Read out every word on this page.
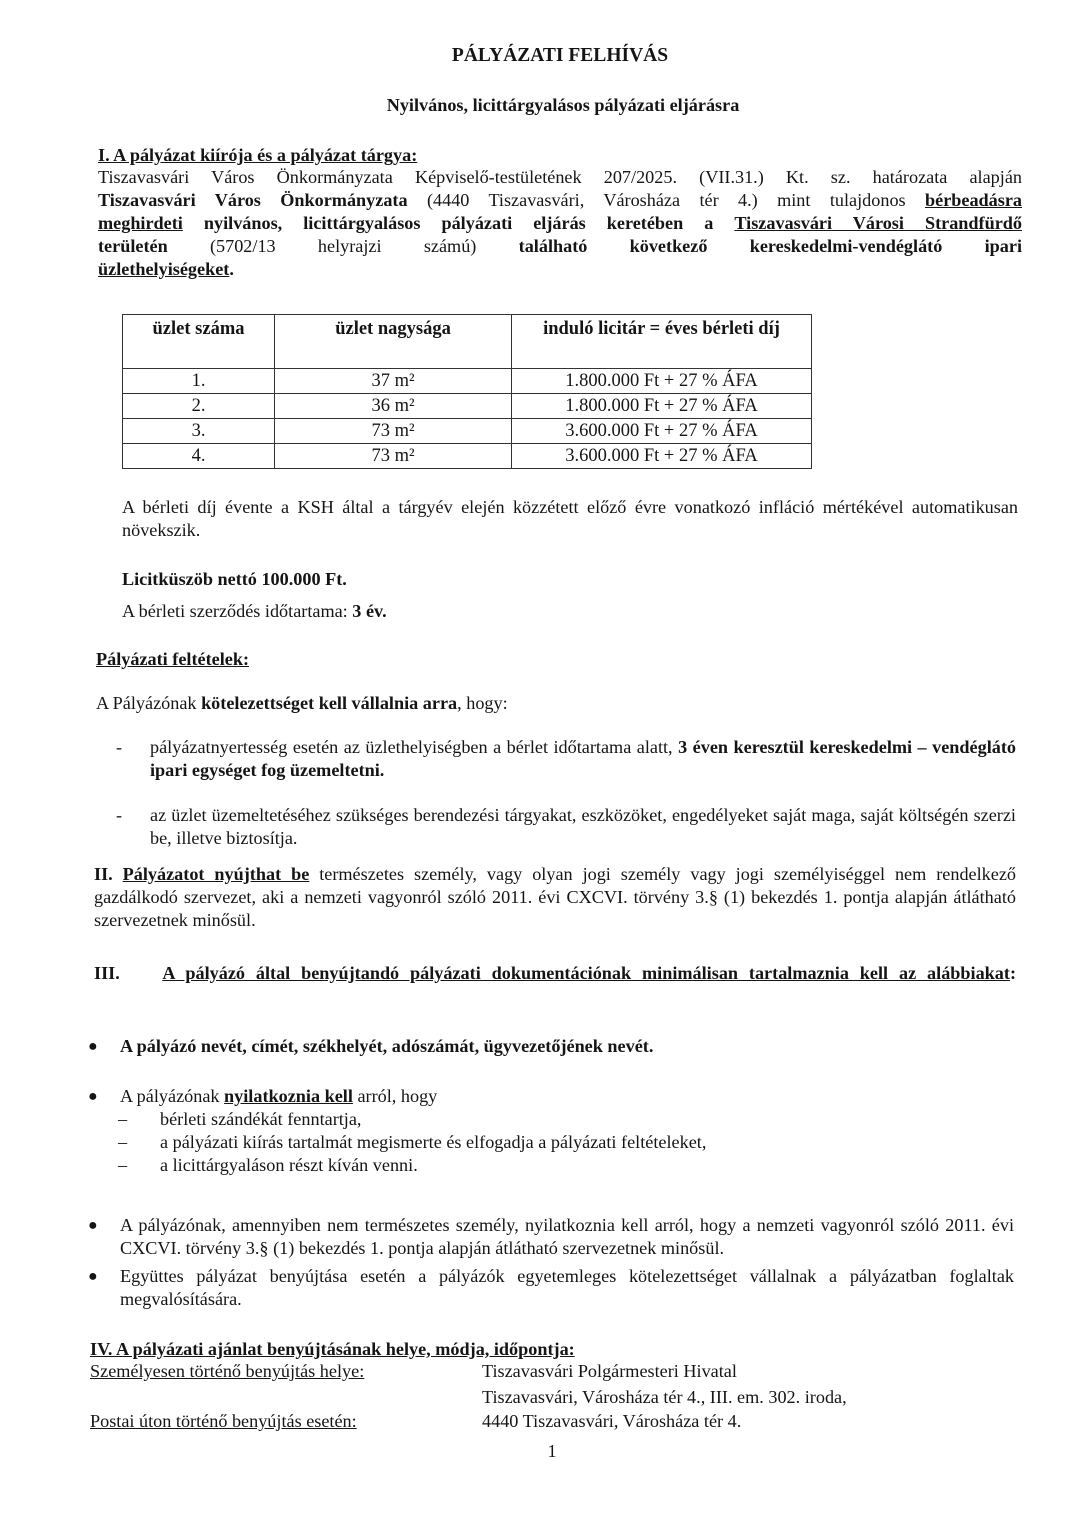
PÁLYÁZATI FELHÍVÁS
Nyilvános, licittárgyalásos pályázati eljárásra
I. A pályázat kiírója és a pályázat tárgya:

Tiszavasvári Város Önkormányzata Képviselő-testületének 207/2025. (VII.31.) Kt. sz. határozata alapján

Tiszavasvári Város Önkormányzata (4440 Tiszavasvári, Városháza tér 4.) mint tulajdonos bérbeadásra

meghirdeti nyilvános, licittárgyalásos pályázati eljárás keretében a Tiszavasvári Városi Strandfürdő

területén (5702/13 helyrajzi számú) található következő kereskedelmi-vendéglátó ipari

üzlethelyiségeket.

üzlet száma	üzlet nagysága	induló licitár = éves bérleti díj
1.	37 m²	1.800.000 Ft + 27 % ÁFA
2.	36 m²	1.800.000 Ft + 27 % ÁFA
3.	73 m²	3.600.000 Ft + 27 % ÁFA
4.	73 m²	3.600.000 Ft + 27 % ÁFA

A bérleti díj évente a KSH által a tárgyév elején közzétett előző évre vonatkozó infláció mértékével automatikusan növekszik.

Licitküszöb nettó 100.000 Ft.

A bérleti szerződés időtartama: 3 év.

Pályázati feltételek:

A Pályázónak kötelezettséget kell vállalnia arra, hogy:

- pályázatnyertesség esetén az üzlethelyiségben a bérlet időtartama alatt, 3 éven keresztül kereskedelmi – vendéglátó ipari egységet fog üzemeltetni.
- az üzlet üzemeltetéséhez szükséges berendezési tárgyakat, eszközöket, engedélyeket saját maga, saját költségén szerzi be, illetve biztosítja.

II. Pályázatot nyújthat be természetes személy, vagy olyan jogi személy vagy jogi személyiséggel nem rendelkező gazdálkodó szervezet, aki a nemzeti vagyonról szóló 2011. évi CXCVI. törvény 3.§ (1) bekezdés 1. pontja alapján átlátható szervezetnek minősül.

III. A pályázó által benyújtandó pályázati dokumentációnak minimálisan tartalmaznia kell az alábbiakat:

● A pályázó nevét, címét, székhelyét, adószámát, ügyvezetőjének nevét.
● A pályázónak nyilatkoznia kell arról, hogy
– bérleti szándékát fenntartja,
– a pályázati kiírás tartalmát megismerte és elfogadja a pályázati feltételeket,
– a licittárgyaláson részt kíván venni.
● A pályázónak, amennyiben nem természetes személy, nyilatkoznia kell arról, hogy a nemzeti vagyonról szóló 2011. évi CXCVI. törvény 3.§ (1) bekezdés 1. pontja alapján átlátható szervezetnek minősül.
● Együttes pályázat benyújtása esetén a pályázók egyetemleges kötelezettséget vállalnak a pályázatban foglaltak megvalósítására.

IV. A pályázati ajánlat benyújtásának helye, módja, időpontja:

Személyesen történő benyújtás helye:	Tiszavasvári Polgármesteri Hivatal

Tiszavasvári, Városháza tér 4., III. em. 302. iroda,

Postai úton történő benyújtás esetén:	4440 Tiszavasvári, Városháza tér 4.

1
